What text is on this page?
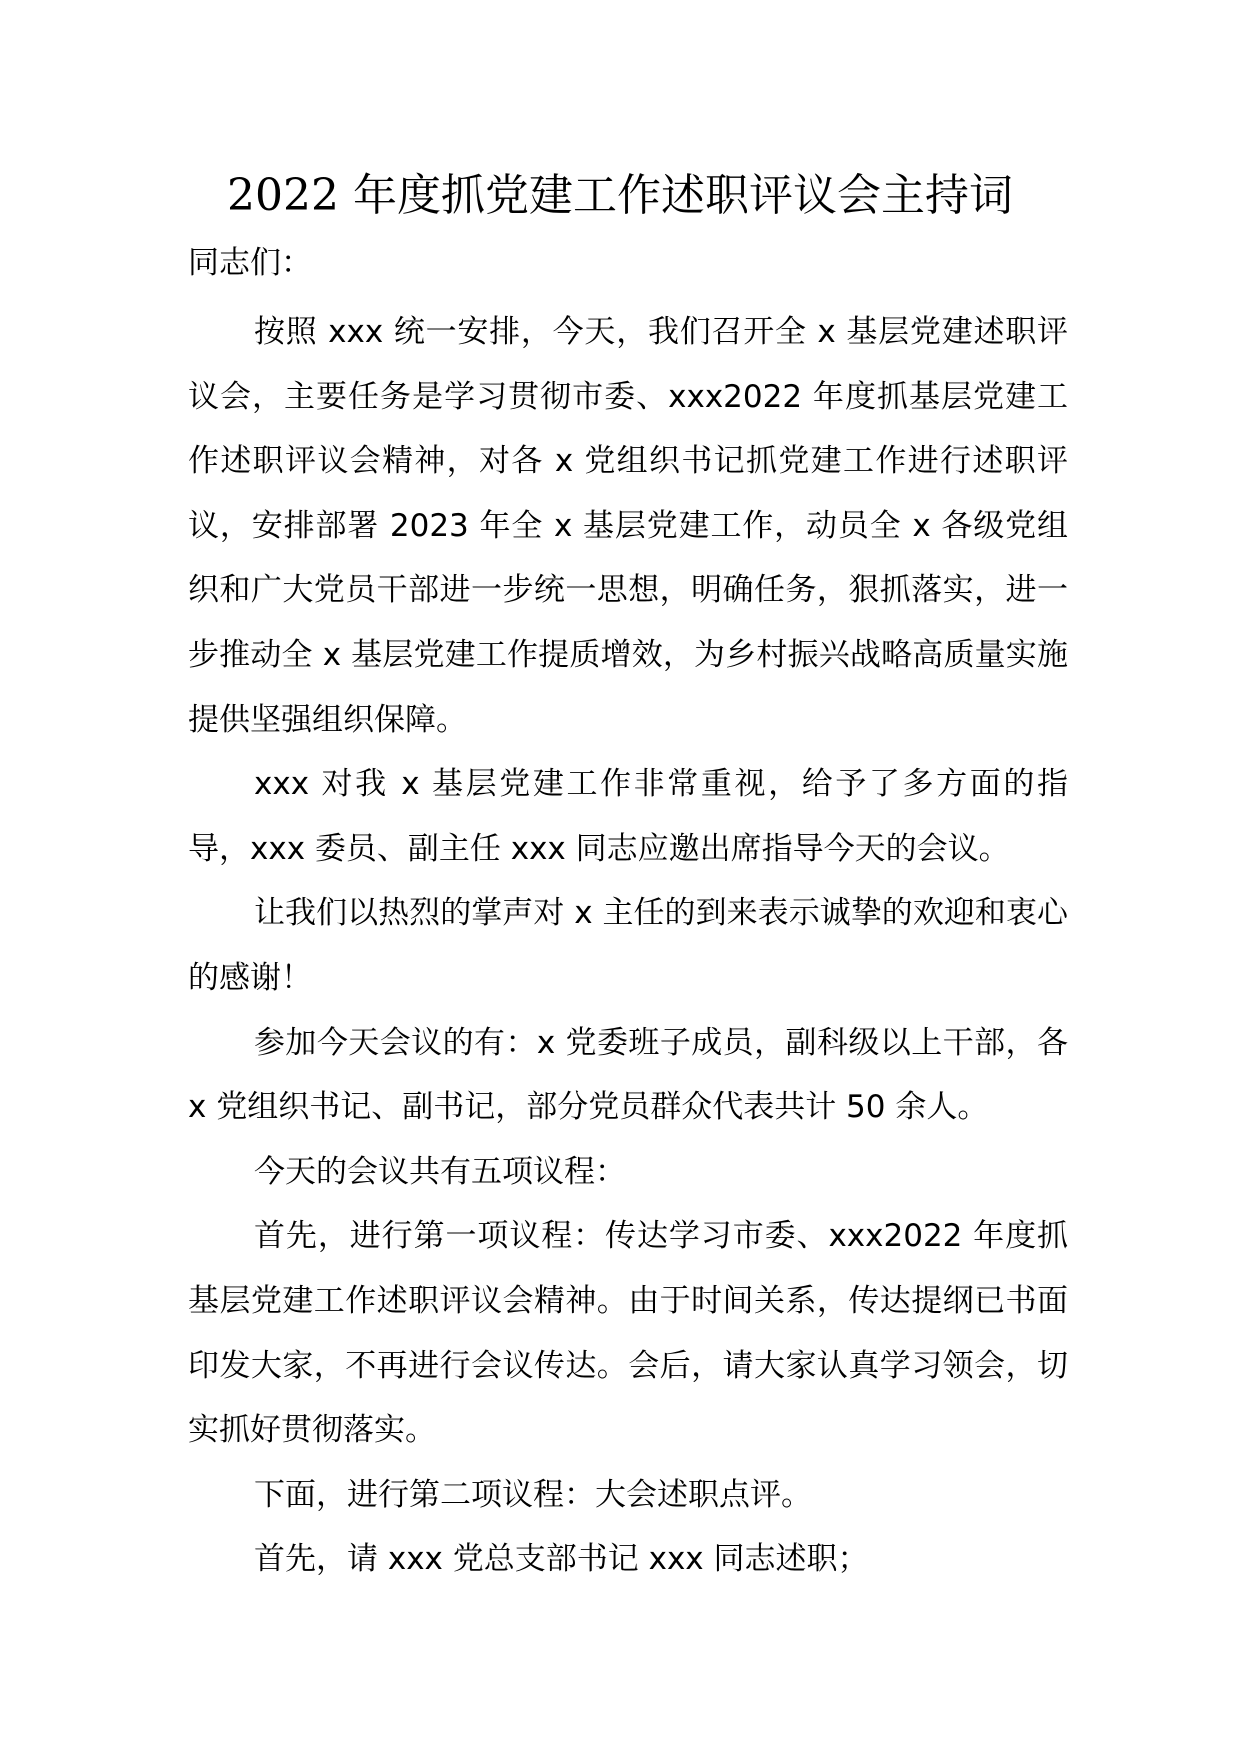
2022 年度抓党建工作述职评议会主持词
同志们：

按照 xxx 统一安排，今天，我们召开全 x 基层党建述职评议会，主要任务是学习贯彻市委、xxx2022 年度抓基层党建工作述职评议会精神，对各 x 党组织书记抓党建工作进行述职评议，安排部署 2023 年全 x 基层党建工作，动员全 x 各级党组织和广大党员干部进一步统一思想，明确任务，狠抓落实，进一步推动全 x 基层党建工作提质增效，为乡村振兴战略高质量实施提供坚强组织保障。

xxx 对我 x 基层党建工作非常重视，给予了多方面的指导，xxx 委员、副主任 xxx 同志应邀出席指导今天的会议。

让我们以热烈的掌声对 x 主任的到来表示诚挚的欢迎和衷心的感谢！

参加今天会议的有：x 党委班子成员，副科级以上干部，各 x 党组织书记、副书记，部分党员群众代表共计 50 余人。

今天的会议共有五项议程：

首先，进行第一项议程：传达学习市委、xxx2022 年度抓基层党建工作述职评议会精神。由于时间关系，传达提纲已书面印发大家，不再进行会议传达。会后，请大家认真学习领会，切实抓好贯彻落实。

下面，进行第二项议程：大会述职点评。

首先，请 xxx 党总支部书记 xxx 同志述职；
